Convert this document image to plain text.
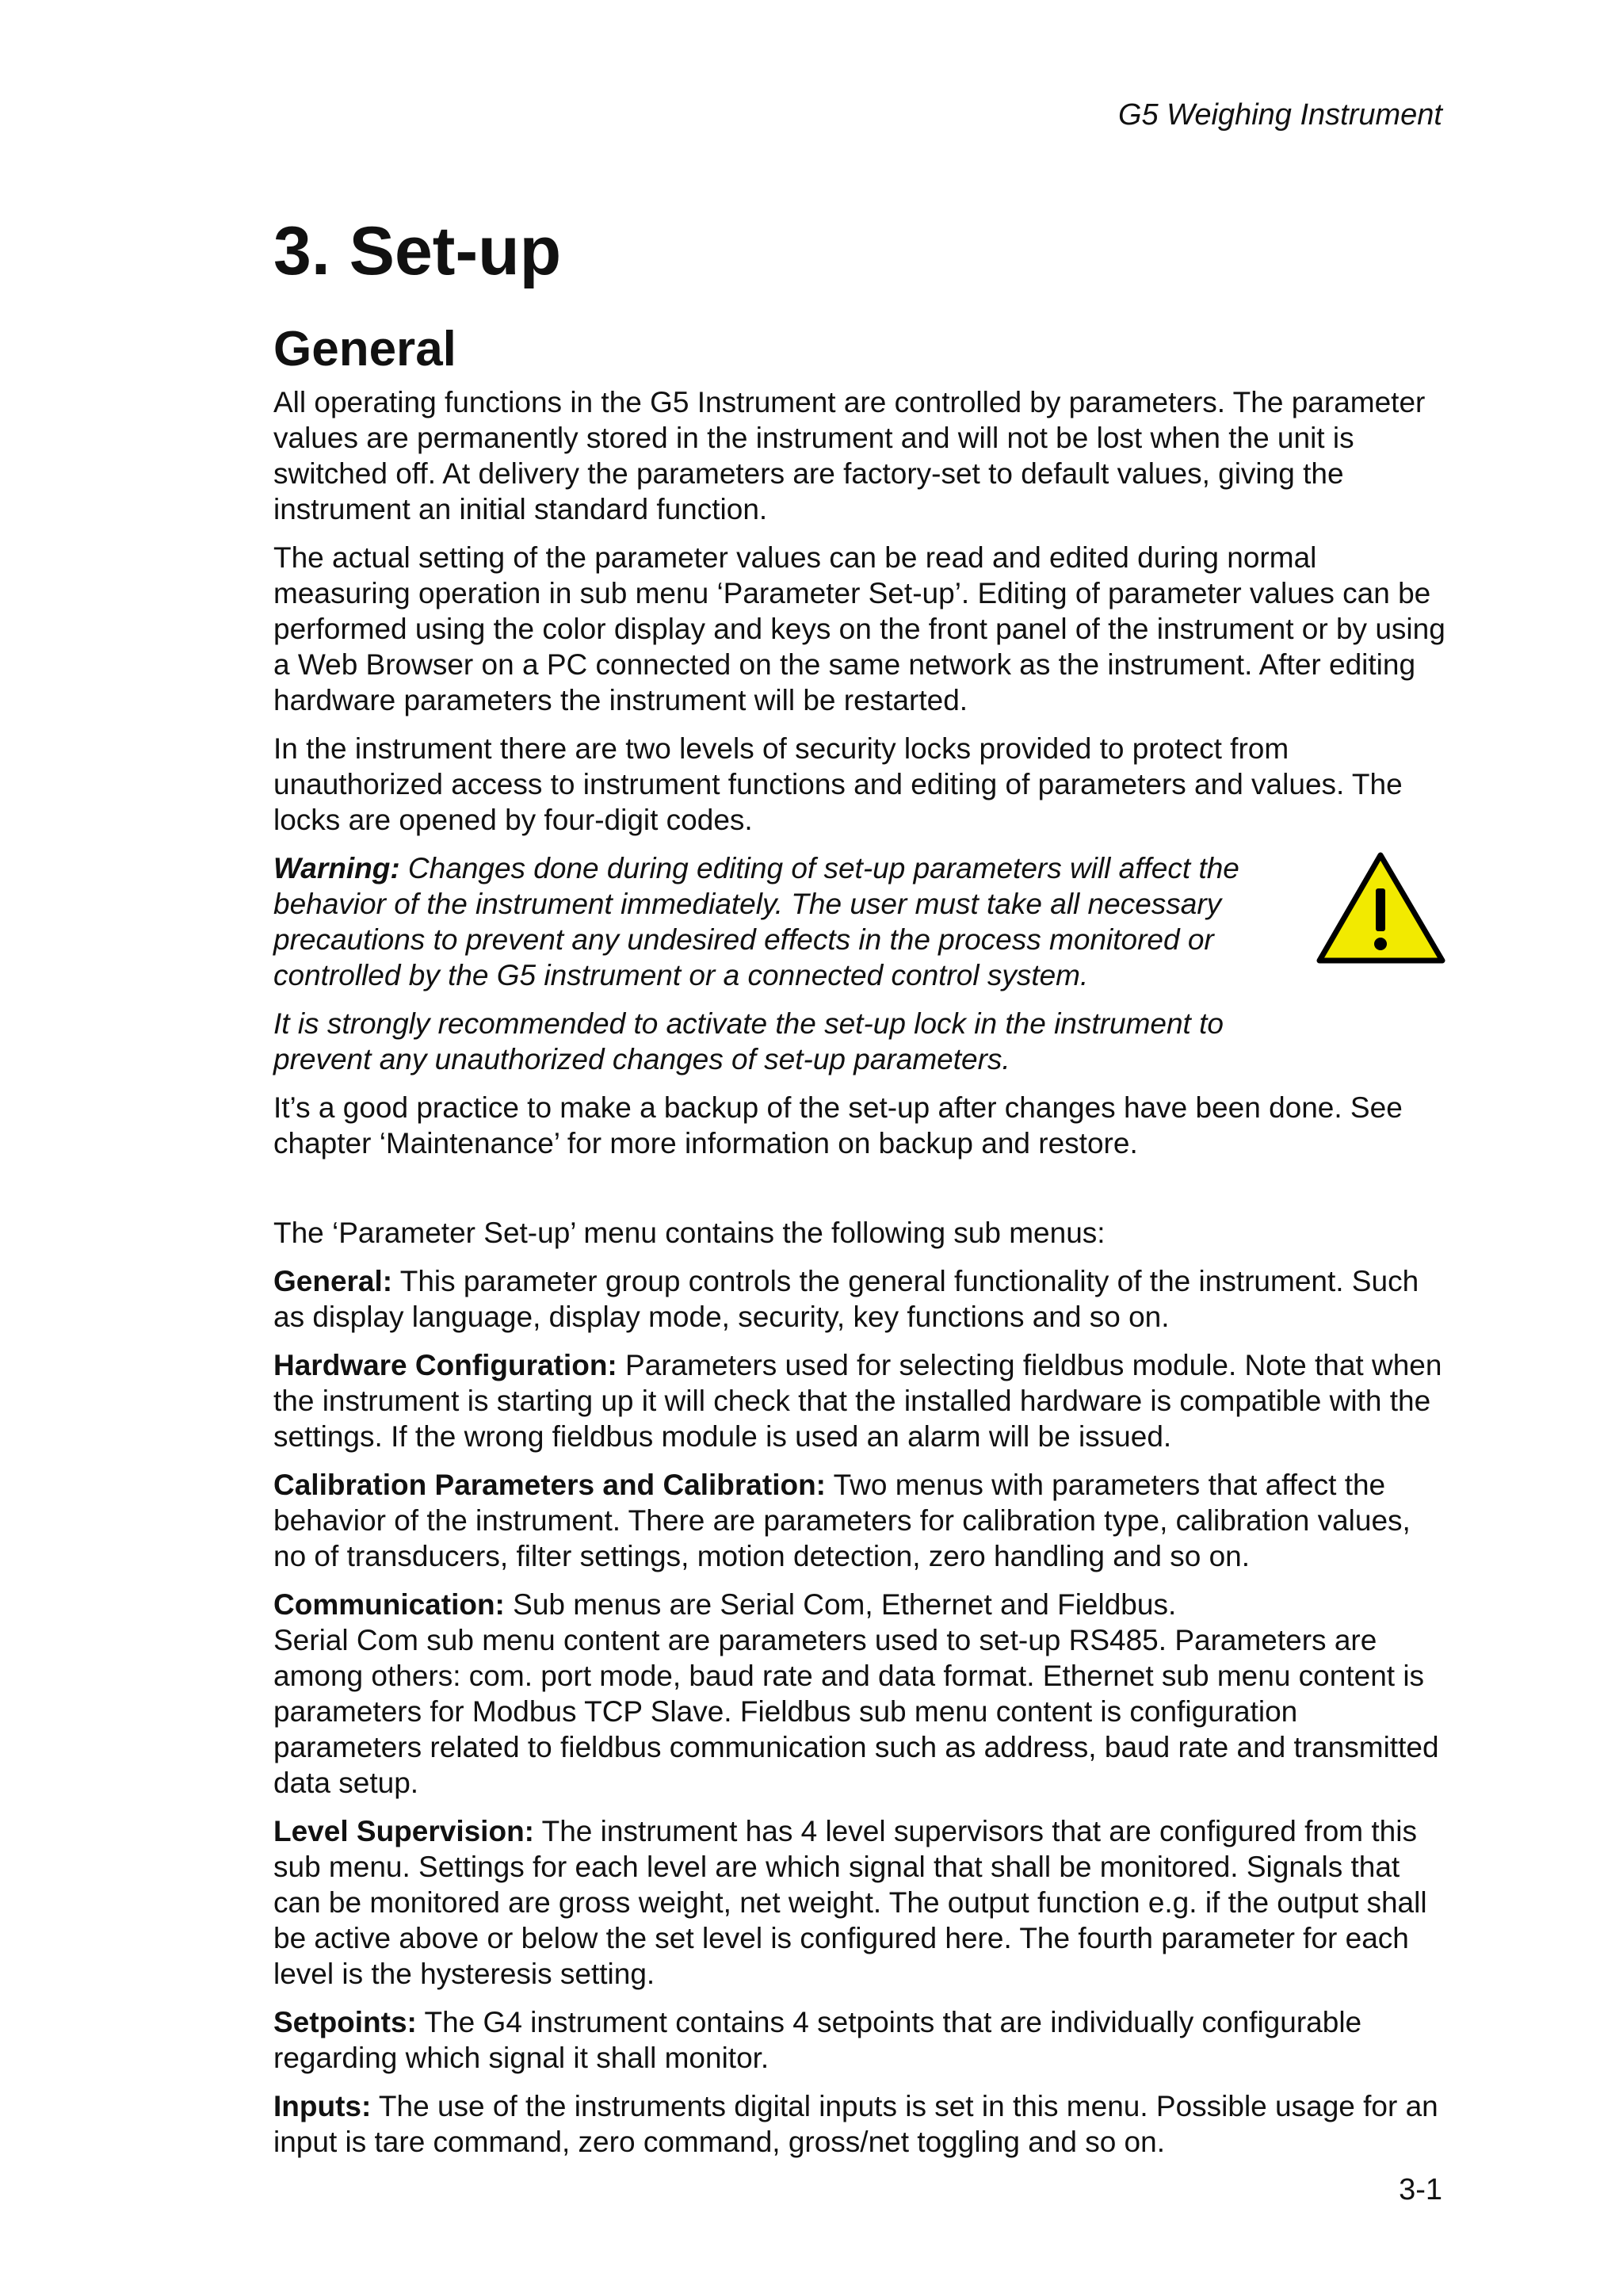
G5 Weighing Instrument
3. Set-up
General

All operating functions in the G5 Instrument are controlled by parameters. The parameter values are permanently stored in the instrument and will not be lost when the unit is switched off. At delivery the parameters are factory-set to default values, giving the instrument an initial standard function.

The actual setting of the parameter values can be read and edited during normal measuring operation in sub menu ‘Parameter Set-up’. Editing of parameter values can be performed using the color display and keys on the front panel of the instrument or by using a Web Browser on a PC connected on the same network as the instrument. After editing hardware parameters the instrument will be restarted.

In the instrument there are two levels of security locks provided to protect from unauthorized access to instrument functions and editing of parameters and values. The locks are opened by four-digit codes.

Warning: Changes done during editing of set-up parameters will affect the behavior of the instrument immediately. The user must take all necessary precautions to prevent any undesired effects in the process monitored or controlled by the G5 instrument or a connected control system.

It is strongly recommended to activate the set-up lock in the instrument to prevent any unauthorized changes of set-up parameters.

It’s a good practice to make a backup of the set-up after changes have been done. See chapter ‘Maintenance’ for more information on backup and restore.

The ‘Parameter Set-up’ menu contains the following sub menus:

General: This parameter group controls the general functionality of the instrument. Such as display language, display mode, security, key functions and so on.

Hardware Configuration: Parameters used for selecting fieldbus module. Note that when the instrument is starting up it will check that the installed hardware is compatible with the settings. If the wrong fieldbus module is used an alarm will be issued.

Calibration Parameters and Calibration: Two menus with parameters that affect the behavior of the instrument. There are parameters for calibration type, calibration values, no of transducers, filter settings, motion detection, zero handling and so on.

Communication: Sub menus are Serial Com, Ethernet and Fieldbus.
Serial Com sub menu content are parameters used to set-up RS485. Parameters are among others: com. port mode, baud rate and data format. Ethernet sub menu content is parameters for Modbus TCP Slave. Fieldbus sub menu content is configuration parameters related to fieldbus communication such as address, baud rate and transmitted data setup.

Level Supervision: The instrument has 4 level supervisors that are configured from this sub menu. Settings for each level are which signal that shall be monitored. Signals that can be monitored are gross weight, net weight. The output function e.g. if the output shall be active above or below the set level is configured here. The fourth parameter for each level is the hysteresis setting.

Setpoints: The G4 instrument contains 4 setpoints that are individually configurable regarding which signal it shall monitor.

Inputs: The use of the instruments digital inputs is set in this menu. Possible usage for an input is tare command, zero command, gross/net toggling and so on.

3-1
